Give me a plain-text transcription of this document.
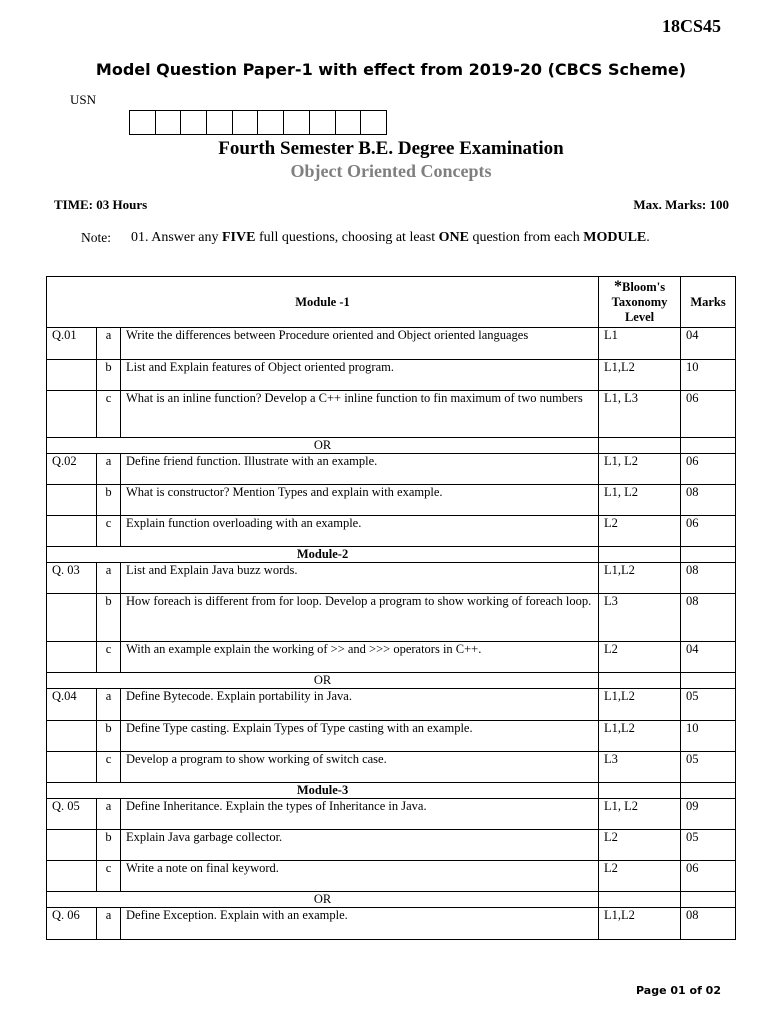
18CS45
Model Question Paper-1 with effect from 2019-20 (CBCS Scheme)
USN
Fourth Semester B.E. Degree Examination
Object Oriented Concepts
TIME: 03 Hours	Max. Marks: 100
Note: 01. Answer any FIVE full questions, choosing at least ONE question from each MODULE.
Module -1			*Bloom's
Taxonomy
Level	Marks
Q.01	a	Write the differences between Procedure oriented and Object oriented languages	L1	04
	b	List and Explain features of Object oriented program.	L1,L2	10
	c	What is an inline function? Develop a C++ inline function to fin maximum of two numbers	L1, L3	06
OR				
Q.02	a	Define friend function. Illustrate with an example.	L1, L2	06
	b	What is constructor? Mention Types and explain with example.	L1, L2	08
	c	Explain function overloading with an example.	L2	06
Module-2				
Q. 03	a	List and Explain Java buzz words.	L1,L2	08
	b	How foreach is different from for loop. Develop a program to show working of foreach loop.	L3	08
	c	With an example explain the working of >> and >>> operators in C++.	L2	04
OR				
Q.04	a	Define Bytecode. Explain portability in Java.	L1,L2	05
	b	Define Type casting. Explain Types of Type casting with an example.	L1,L2	10
	c	Develop a program to show working of switch case.	L3	05
Module-3				
Q. 05	a	Define Inheritance. Explain the types of Inheritance in Java.	L1, L2	09
	b	Explain Java garbage collector.	L2	05
	c	Write a note on final keyword.	L2	06
OR				
Q. 06	a	Define Exception. Explain with an example.	L1,L2	08
Page 01 of 02
